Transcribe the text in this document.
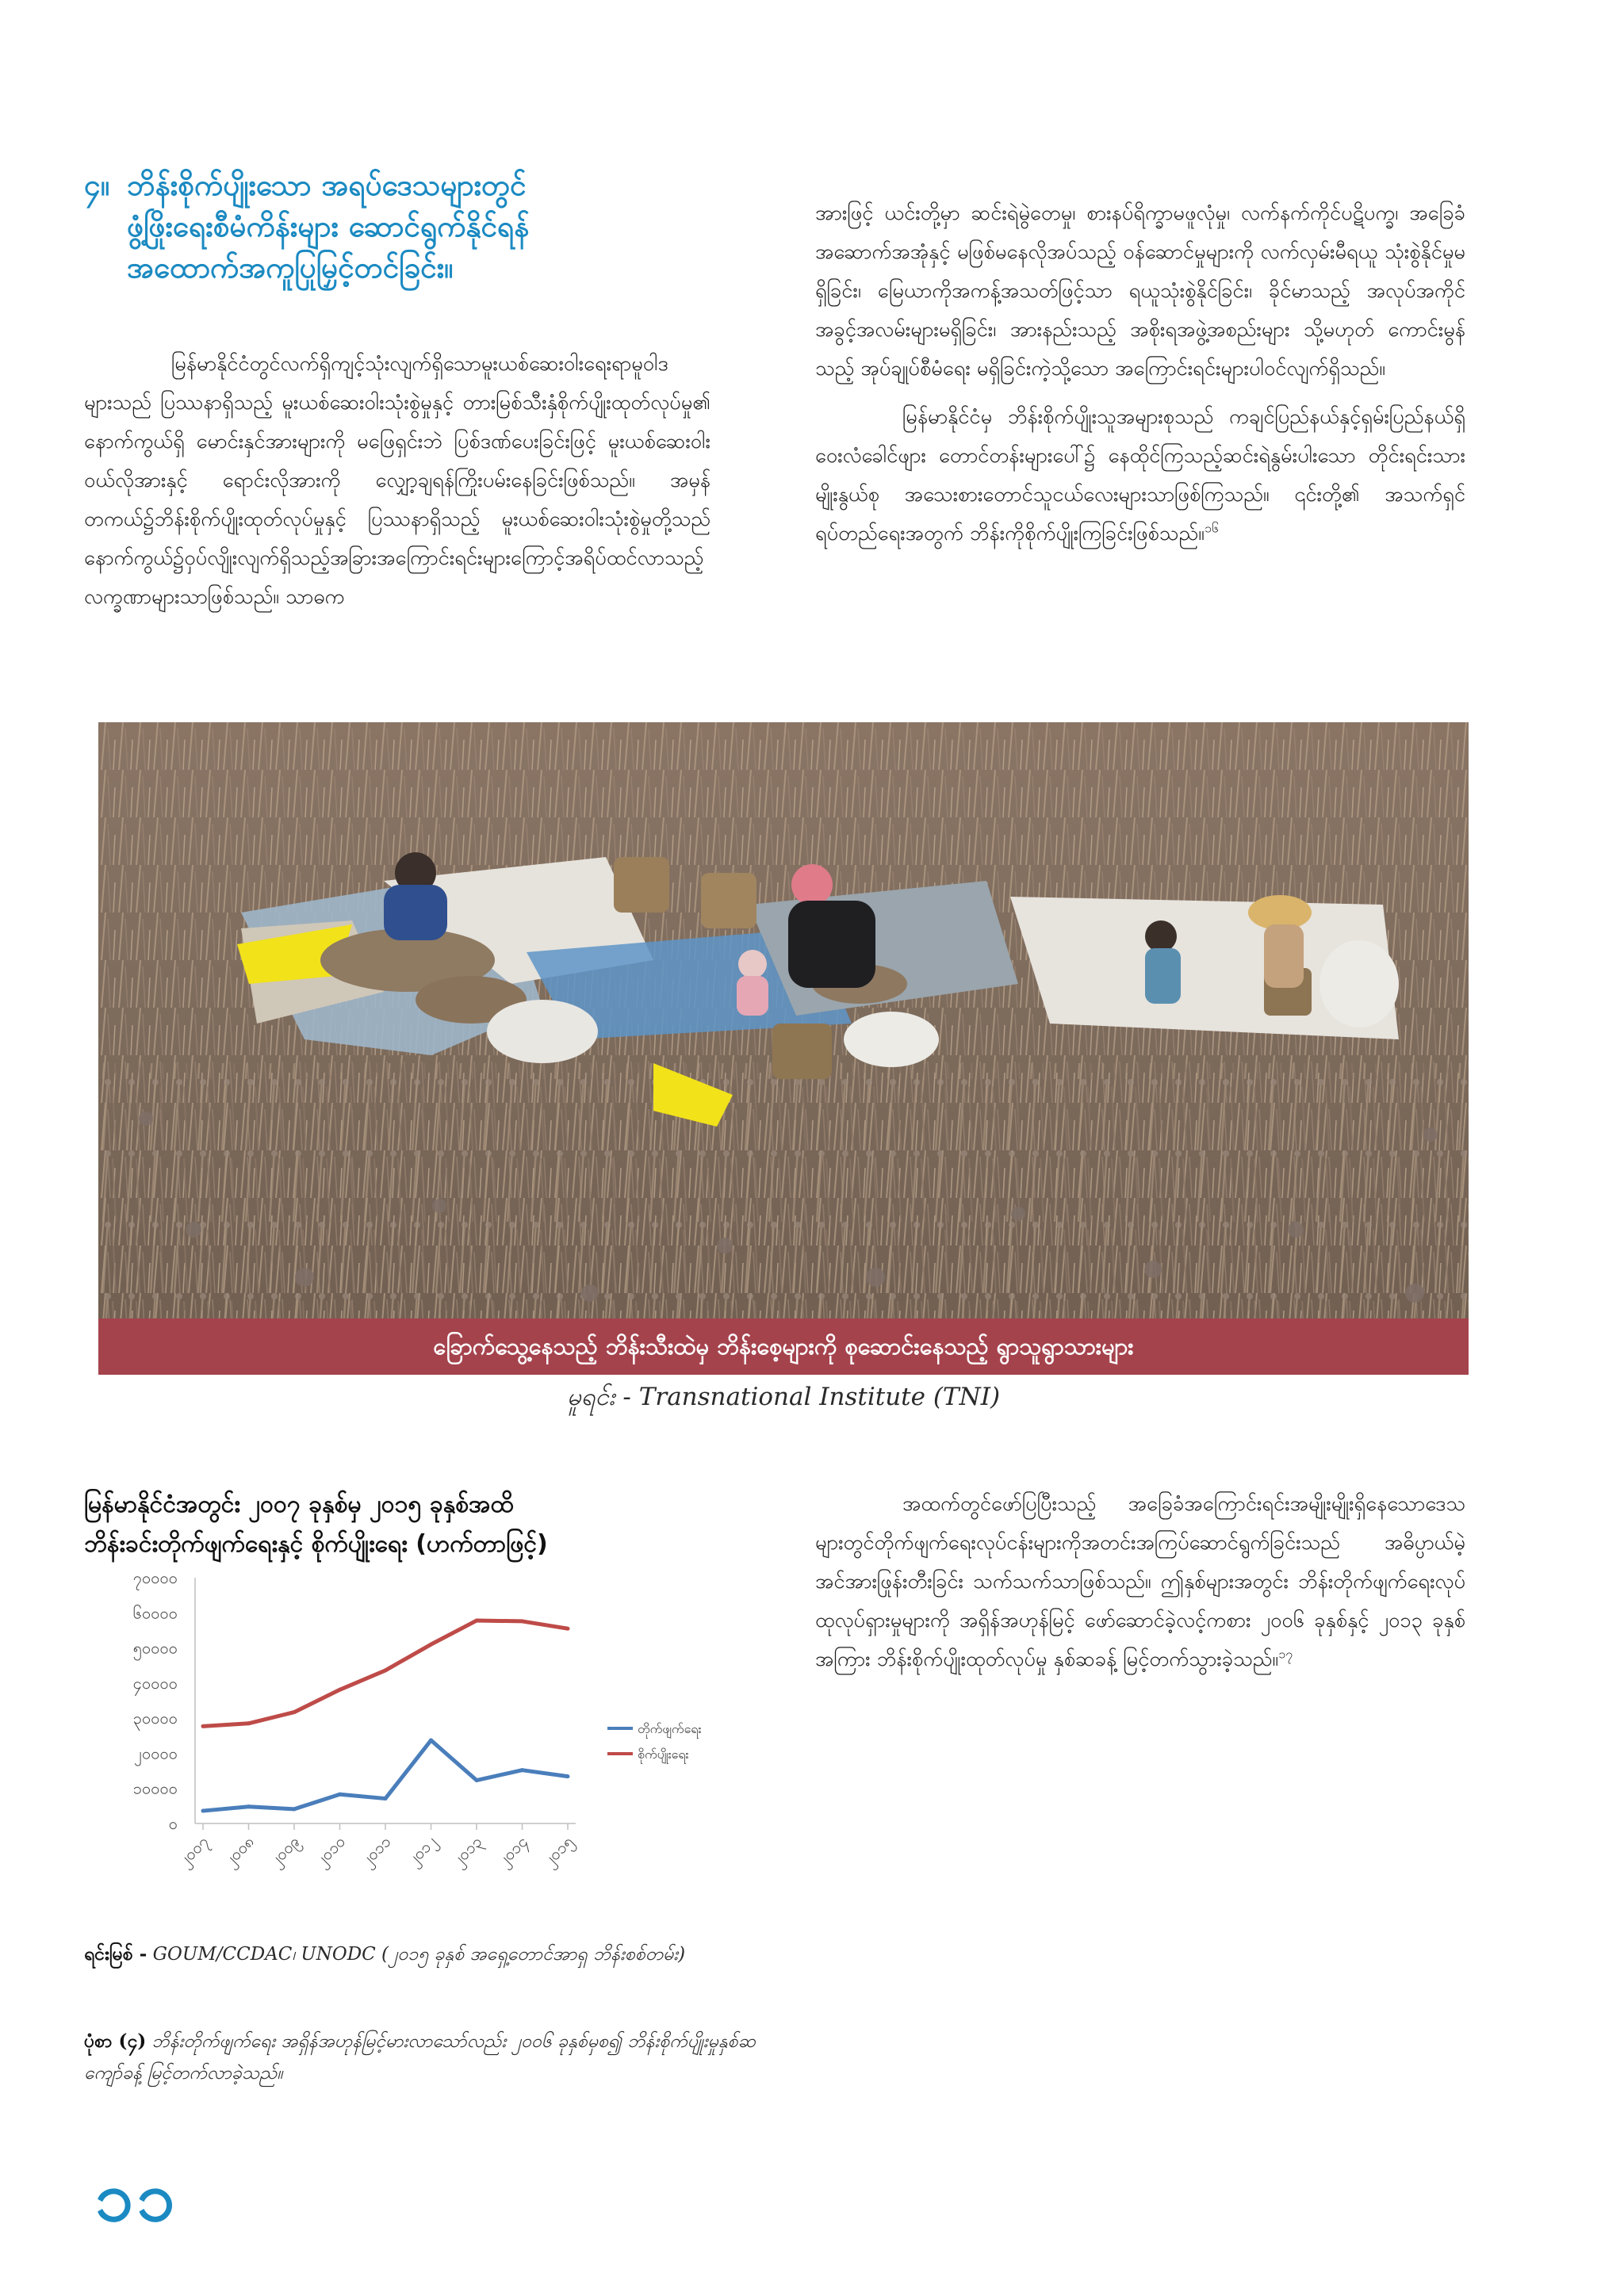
၄။ ဘိန်းစိုက်ပျိုးသော အရပ်ဒေသများတွင်
ဖွံ့ဖြိုးရေးစီမံကိန်းများ ဆောင်ရွက်နိုင်ရန်
အထောက်အကူပြုမြှင့်တင်ခြင်း။

မြန်မာနိုင်ငံတွင်လက်ရှိကျင့်သုံးလျက်ရှိသောမူးယစ်ဆေးဝါးရေးရာမူဝါဒများသည် ပြဿနာရှိသည့် မူးယစ်ဆေးဝါးသုံးစွဲမှုနှင့် တားမြစ်သီးနှံစိုက်ပျိုးထုတ်လုပ်မှု၏ နောက်ကွယ်ရှိ မောင်းနှင်အားများကို မဖြေရှင်းဘဲ ပြစ်ဒဏ်ပေးခြင်းဖြင့် မူးယစ်ဆေးဝါး ဝယ်လိုအားနှင့် ရောင်းလိုအားကို လျှော့ချရန်ကြိုးပမ်းနေခြင်းဖြစ်သည်။ အမှန်တကယ်၌ဘိန်းစိုက်ပျိုးထုတ်လုပ်မှုနှင့် ပြဿနာရှိသည့် မူးယစ်ဆေးဝါးသုံးစွဲမှုတို့သည်နောက်ကွယ်၌ဝှပ်လျိုးလျက်ရှိသည့်အခြားအကြောင်းရင်းများကြောင့်အရိပ်ထင်လာသည့် လက္ခဏာများသာဖြစ်သည်။ သာဓက

အားဖြင့် ယင်းတို့မှာ ဆင်းရဲမွဲတေမှု၊ စားနပ်ရိက္ခာမဖူလုံမှု၊ လက်နက်ကိုင်ပဋိပက္ခ၊ အခြေခံအဆောက်အအုံနှင့် မဖြစ်မနေလိုအပ်သည့် ဝန်ဆောင်မှုများကို လက်လှမ်းမီရယူ သုံးစွဲနိုင်မှုမရှိခြင်း၊ မြေယာကိုအကန့်အသတ်ဖြင့်သာ ရယူသုံးစွဲနိုင်ခြင်း၊ ခိုင်မာသည့် အလုပ်အကိုင် အခွင့်အလမ်းများမရှိခြင်း၊ အားနည်းသည့် အစိုးရအဖွဲ့အစည်းများ သို့မဟုတ် ကောင်းမွန်သည့် အုပ်ချုပ်စီမံရေး မရှိခြင်းကဲ့သို့သော အကြောင်းရင်းများပါဝင်လျက်ရှိသည်။

မြန်မာနိုင်ငံမှ ဘိန်းစိုက်ပျိုးသူအများစုသည် ကချင်ပြည်နယ်နှင့်ရှမ်းပြည်နယ်ရှိ ဝေးလံခေါင်ဖျား တောင်တန်းများပေါ်၌ နေထိုင်ကြသည့်ဆင်းရဲနွမ်းပါးသော တိုင်းရင်းသားမျိုးနွယ်စု အသေးစားတောင်သူငယ်လေးများသာဖြစ်ကြသည်။ ၎င်းတို့၏ အသက်ရှင်ရပ်တည်ရေးအတွက် ဘိန်းကိုစိုက်ပျိုးကြခြင်းဖြစ်သည်။$^{၁၆}$

ခြောက်သွေ့နေသည့် ဘိန်းသီးထဲမှ ဘိန်းစေ့များကို စုဆောင်းနေသည့် ရွာသူရွာသားများ
မူရင်း - Transnational Institute (TNI)
မြန်မာနိုင်ငံအတွင်း ၂၀၀၇ ခုနှစ်မှ ၂၀၁၅ ခုနှစ်အထိ
ဘိန်းခင်းတိုက်ဖျက်ရေးနှင့် စိုက်ပျိုးရေး (ဟက်တာဖြင့်)
၀
၁၀၀၀၀
၂၀၀၀၀
၃၀၀၀၀
၄၀၀၀၀
၅၀၀၀၀
၆၀၀၀၀
၇၀၀၀၀
၂၀၀၇ ၂၀၀၈ ၂၀၀၉ ၂၀၁၀ ၂၀၁၁ ၂၀၁၂ ၂၀၁၃ ၂၀၁၄ ၂၀၁၅
တိုက်ဖျက်ရေး
စိုက်ပျိုးရေး
ရင်းမြစ် - GOUM/CCDAC၊ UNODC (၂၀၁၅ ခုနှစ် အရှေ့တောင်အာရှ ဘိန်းစစ်တမ်း)
ပုံစာ (၄) ဘိန်းတိုက်ဖျက်ရေး အရှိန်အဟုန်မြင့်မားလာသော်လည်း ၂၀၀၆ ခုနှစ်မှစ၍ ဘိန်းစိုက်ပျိုးမှုနှစ်ဆကျော်ခန့် မြင့်တက်လာခဲ့သည်။

အထက်တွင်ဖော်ပြပြီးသည့် အခြေခံအကြောင်းရင်းအမျိုးမျိုးရှိနေသောဒေသများတွင်တိုက်ဖျက်ရေးလုပ်ငန်းများကိုအတင်းအကြပ်ဆောင်ရွက်ခြင်းသည် အဓိပ္ပာယ်မဲ့ အင်အားဖြုန်းတီးခြင်း သက်သက်သာဖြစ်သည်။ ဤနှစ်များအတွင်း ဘိန်းတိုက်ဖျက်ရေးလုပ်ထုလုပ်ရှားမှုများကို အရှိန်အဟုန်မြင့် ဖော်ဆောင်ခဲ့လင့်ကစား ၂၀၀၆ ခုနှစ်နှင့် ၂၀၁၃ ခုနှစ်အကြား ဘိန်းစိုက်ပျိုးထုတ်လုပ်မှု နှစ်ဆခန့် မြင့်တက်သွားခဲ့သည်။$^{၁၇}$

၁၁
